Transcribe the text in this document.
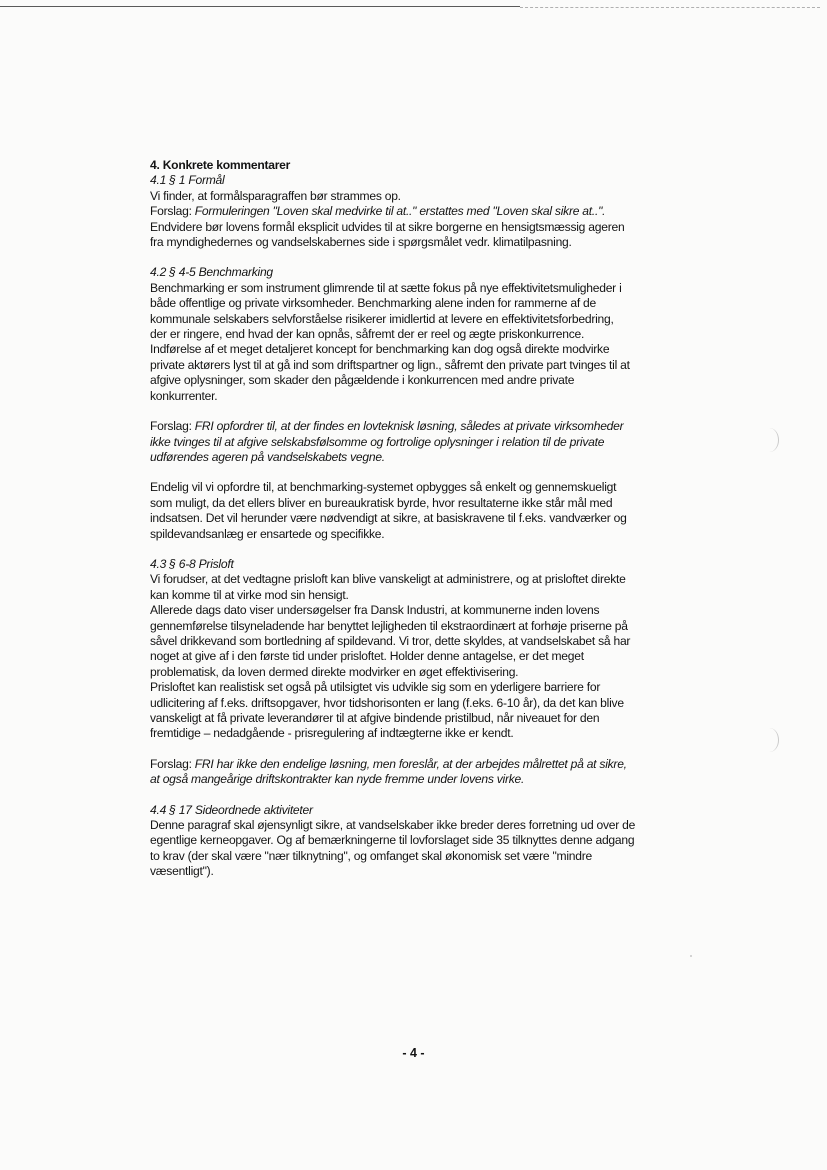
4. Konkrete kommentarer
4.1 § 1 Formål
Vi finder, at formålsparagraffen bør strammes op.
Forslag: Formuleringen "Loven skal medvirke til at.." erstattes med "Loven skal sikre at..".
Endvidere bør lovens formål eksplicit udvides til at sikre borgerne en hensigtsmæssig ageren
fra myndighedernes og vandselskabernes side i spørgsmålet vedr. klimatilpasning.
4.2 § 4-5 Benchmarking
Benchmarking er som instrument glimrende til at sætte fokus på nye effektivitetsmuligheder i
både offentlige og private virksomheder. Benchmarking alene inden for rammerne af de
kommunale selskabers selvforståelse risikerer imidlertid at levere en effektivitetsforbedring,
der er ringere, end hvad der kan opnås, såfremt der er reel og ægte priskonkurrence.
Indførelse af et meget detaljeret koncept for benchmarking kan dog også direkte modvirke
private aktørers lyst til at gå ind som driftspartner og lign., såfremt den private part tvinges til at
afgive oplysninger, som skader den pågældende i konkurrencen med andre private
konkurrenter.
Forslag: FRI opfordrer til, at der findes en lovteknisk løsning, således at private virksomheder
ikke tvinges til at afgive selskabsfølsomme og fortrolige oplysninger i relation til de private
udførendes ageren på vandselskabets vegne.
Endelig vil vi opfordre til, at benchmarking-systemet opbygges så enkelt og gennemskueligt
som muligt, da det ellers bliver en bureaukratisk byrde, hvor resultaterne ikke står mål med
indsatsen. Det vil herunder være nødvendigt at sikre, at basiskravene til f.eks. vandværker og
spildevandsanlæg er ensartede og specifikke.
4.3 § 6-8 Prisloft
Vi forudser, at det vedtagne prisloft kan blive vanskeligt at administrere, og at prisloftet direkte
kan komme til at virke mod sin hensigt.
Allerede dags dato viser undersøgelser fra Dansk Industri, at kommunerne inden lovens
gennemførelse tilsyneladende har benyttet lejligheden til ekstraordinært at forhøje priserne på
såvel drikkevand som bortledning af spildevand. Vi tror, dette skyldes, at vandselskabet så har
noget at give af i den første tid under prisloftet. Holder denne antagelse, er det meget
problematisk, da loven dermed direkte modvirker en øget effektivisering.
Prisloftet kan realistisk set også på utilsigtet vis udvikle sig som en yderligere barriere for
udlicitering af f.eks. driftsopgaver, hvor tidshorisonten er lang (f.eks. 6-10 år), da det kan blive
vanskeligt at få private leverandører til at afgive bindende pristilbud, når niveauet for den
fremtidige – nedadgående - prisregulering af indtægterne ikke er kendt.
Forslag: FRI har ikke den endelige løsning, men foreslår, at der arbejdes målrettet på at sikre,
at også mangeårige driftskontrakter kan nyde fremme under lovens virke.
4.4 § 17 Sideordnede aktiviteter
Denne paragraf skal øjensynligt sikre, at vandselskaber ikke breder deres forretning ud over de
egentlige kerneopgaver. Og af bemærkningerne til lovforslaget side 35 tilknyttes denne adgang
to krav (der skal være "nær tilknytning", og omfanget skal økonomisk set være "mindre
væsentligt").
- 4 -
